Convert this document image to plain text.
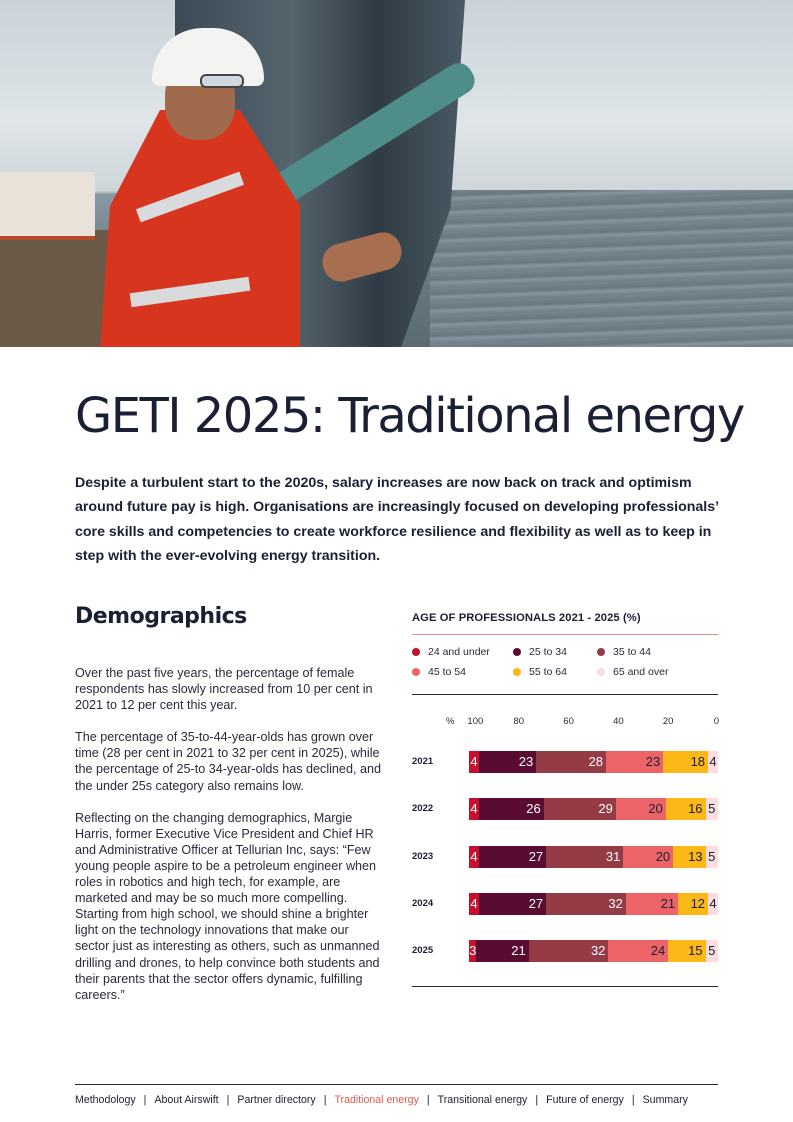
GETI 2025: Traditional energy

Despite a turbulent start to the 2020s, salary increases are now back on track and optimism around future pay is high. Organisations are increasingly focused on developing professionals’ core skills and competencies to create workforce resilience and flexibility as well as to keep in step with the ever-evolving energy transition.

Demographics

Over the past five years, the percentage of female respondents has slowly increased from 10 per cent in 2021 to 12 per cent this year.

The percentage of 35-to-44-year-olds has grown over time (28 per cent in 2021 to 32 per cent in 2025), while the percentage of 25-to 34-year-olds has declined, and the under 25s category also remains low.

Reflecting on the changing demographics, Margie Harris, former Executive Vice President and Chief HR and Administrative Officer at Tellurian Inc, says: “Few young people aspire to be a petroleum engineer when roles in robotics and high tech, for example, are marketed and may be so much more compelling. Starting from high school, we should shine a brighter light on the technology innovations that make our sector just as interesting as others, such as unmanned drilling and drones, to help convince both students and their parents that the sector offers dynamic, fulfilling careers.”

AGE OF PROFESSIONALS 2021 - 2025 (%)
24 and under	25 to 34	35 to 44
45 to 54	55 to 64	65 and over
% 100	80	60	40	20	0
2021	4	23	28	23	18 4
2022	4	26	29	20	16 5
2023	4	27	31	20	13 5
2024	4	27	32	21	12 4
2025	3	21	32	24	15 5
Methodology | About Airswift | Partner directory | Traditional energy | Transitional energy | Future of energy | Summary
